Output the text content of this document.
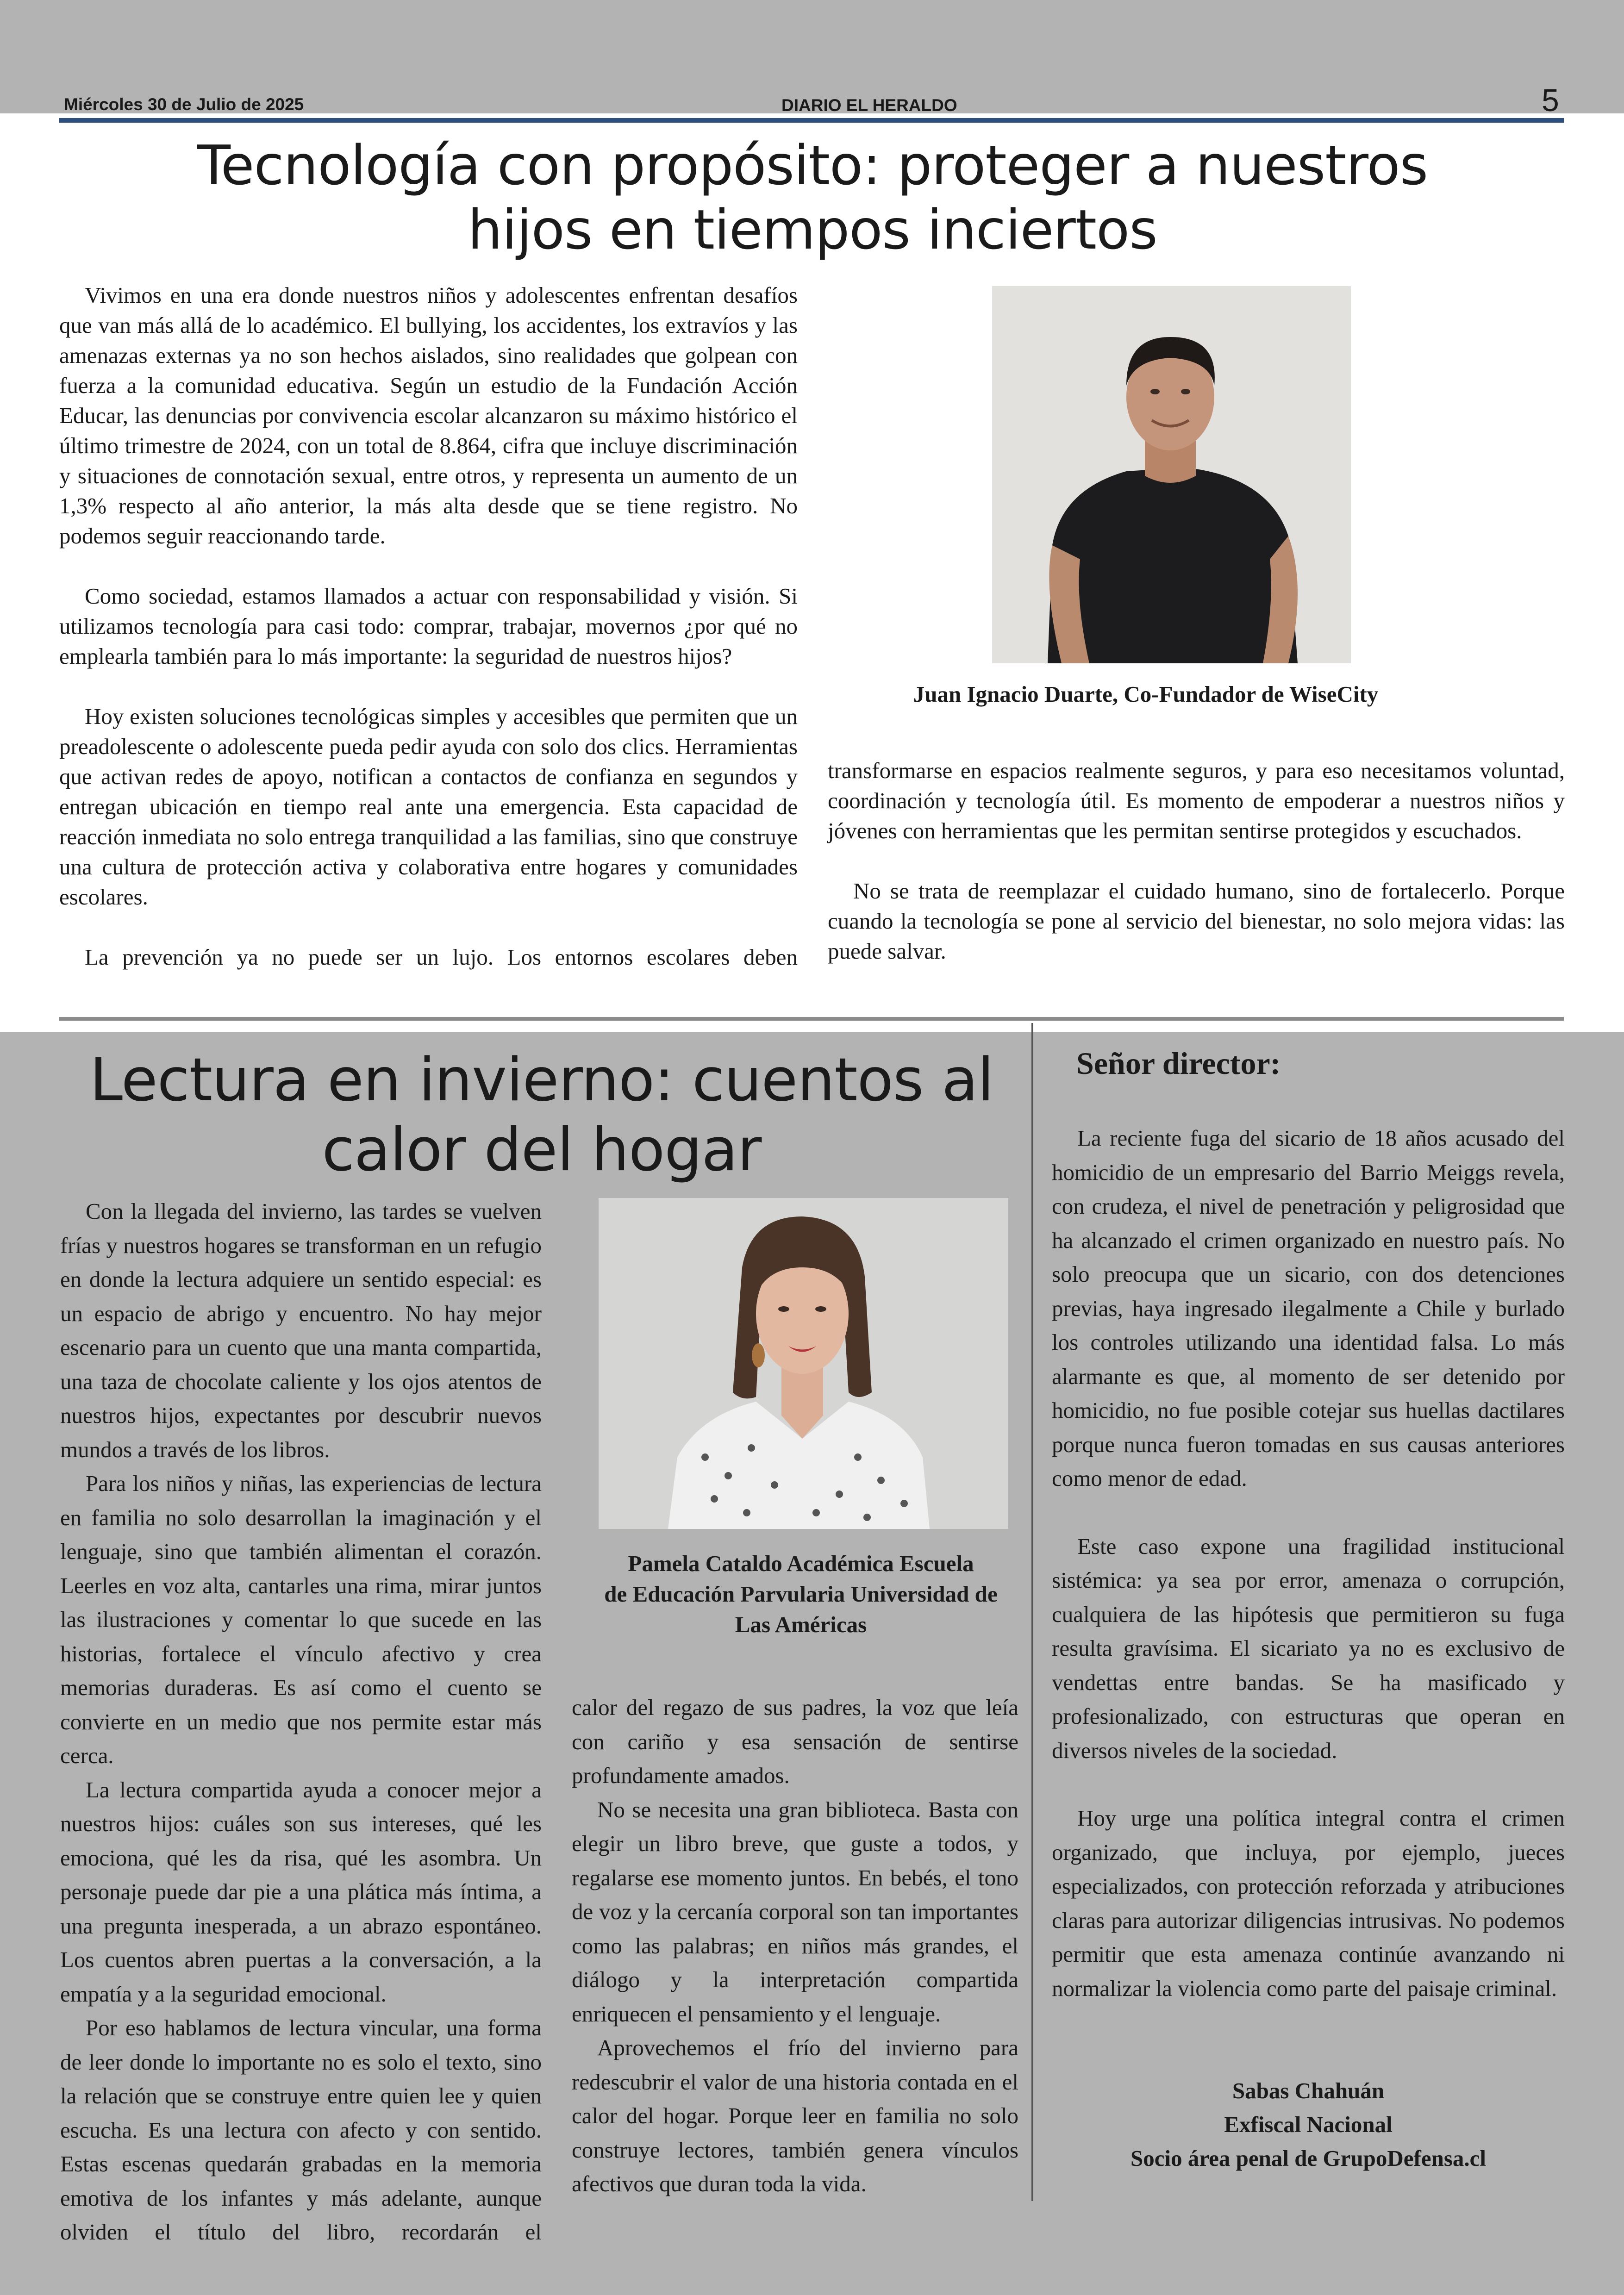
Miércoles 30 de Julio de 2025	DIARIO EL HERALDO	5
Tecnología con propósito: proteger a nuestros
hijos en tiempos inciertos

Vivimos en una era donde nuestros niños y adolescentes enfrentan desafíos que van más allá de lo académico. El bullying, los accidentes, los extravíos y las amenazas externas ya no son hechos aislados, sino realidades que golpean con fuerza a la comunidad educativa. Según un estudio de la Fundación Acción Educar, las denuncias por convivencia escolar alcanzaron su máximo histórico el último trimestre de 2024, con un total de 8.864, cifra que incluye discriminación y situaciones de connotación sexual, entre otros, y representa un aumento de un 1,3% respecto al año anterior, la más alta desde que se tiene registro. No podemos seguir reaccionando tarde.

Como sociedad, estamos llamados a actuar con responsabilidad y visión. Si utilizamos tecnología para casi todo: comprar, trabajar, movernos ¿por qué no emplearla también para lo más importante: la seguridad de nuestros hijos?

Hoy existen soluciones tecnológicas simples y accesibles que permiten que un preadolescente o adolescente pueda pedir ayuda con solo dos clics. Herramientas que activan redes de apoyo, notifican a contactos de confianza en segundos y entregan ubicación en tiempo real ante una emergencia. Esta capacidad de reacción inmediata no solo entrega tranquilidad a las familias, sino que construye una cultura de protección activa y colaborativa entre hogares y comunidades escolares.

La prevención ya no puede ser un lujo. Los entornos escolares deben

Juan Ignacio Duarte, Co-Fundador de WiseCity

transformarse en espacios realmente seguros, y para eso necesitamos voluntad, coordinación y tecnología útil. Es momento de empoderar a nuestros niños y jóvenes con herramientas que les permitan sentirse protegidos y escuchados.

No se trata de reemplazar el cuidado humano, sino de fortalecerlo. Porque cuando la tecnología se pone al servicio del bienestar, no solo mejora vidas: las puede salvar.

Lectura en invierno: cuentos al
calor del hogar

Con la llegada del invierno, las tardes se vuelven frías y nuestros hogares se transforman en un refugio en donde la lectura adquiere un sentido especial: es un espacio de abrigo y encuentro. No hay mejor escenario para un cuento que una manta compartida, una taza de chocolate caliente y los ojos atentos de nuestros hijos, expectantes por descubrir nuevos mundos a través de los libros.

Para los niños y niñas, las experiencias de lectura en familia no solo desarrollan la imaginación y el lenguaje, sino que también alimentan el corazón. Leerles en voz alta, cantarles una rima, mirar juntos las ilustraciones y comentar lo que sucede en las historias, fortalece el vínculo afectivo y crea memorias duraderas. Es así como el cuento se convierte en un medio que nos permite estar más cerca.

La lectura compartida ayuda a conocer mejor a nuestros hijos: cuáles son sus intereses, qué les emociona, qué les da risa, qué les asombra. Un personaje puede dar pie a una plática más íntima, a una pregunta inesperada, a un abrazo espontáneo. Los cuentos abren puertas a la conversación, a la empatía y a la seguridad emocional.

Por eso hablamos de lectura vincular, una forma de leer donde lo importante no es solo el texto, sino la relación que se construye entre quien lee y quien escucha. Es una lectura con afecto y con sentido. Estas escenas quedarán grabadas en la memoria emotiva de los infantes y más adelante, aunque olviden el título del libro, recordarán el

Pamela Cataldo Académica Escuela
de Educación Parvularia Universidad de
Las Américas

calor del regazo de sus padres, la voz que leía con cariño y esa sensación de sentirse profundamente amados.

No se necesita una gran biblioteca. Basta con elegir un libro breve, que guste a todos, y regalarse ese momento juntos. En bebés, el tono de voz y la cercanía corporal son tan importantes como las palabras; en niños más grandes, el diálogo y la interpretación compartida enriquecen el pensamiento y el lenguaje.

Aprovechemos el frío del invierno para redescubrir el valor de una historia contada en el calor del hogar. Porque leer en familia no solo construye lectores, también genera vínculos afectivos que duran toda la vida.

Señor director:

La reciente fuga del sicario de 18 años acusado del homicidio de un empresario del Barrio Meiggs revela, con crudeza, el nivel de penetración y peligrosidad que ha alcanzado el crimen organizado en nuestro país. No solo preocupa que un sicario, con dos detenciones previas, haya ingresado ilegalmente a Chile y burlado los controles utilizando una identidad falsa. Lo más alarmante es que, al momento de ser detenido por homicidio, no fue posible cotejar sus huellas dactilares porque nunca fueron tomadas en sus causas anteriores como menor de edad.

Este caso expone una fragilidad institucional sistémica: ya sea por error, amenaza o corrupción, cualquiera de las hipótesis que permitieron su fuga resulta gravísima. El sicariato ya no es exclusivo de vendettas entre bandas. Se ha masificado y profesionalizado, con estructuras que operan en diversos niveles de la sociedad.

Hoy urge una política integral contra el crimen organizado, que incluya, por ejemplo, jueces especializados, con protección reforzada y atribuciones claras para autorizar diligencias intrusivas. No podemos permitir que esta amenaza continúe avanzando ni normalizar la violencia como parte del paisaje criminal.

Sabas Chahuán
Exfiscal Nacional
Socio área penal de GrupoDefensa.cl
